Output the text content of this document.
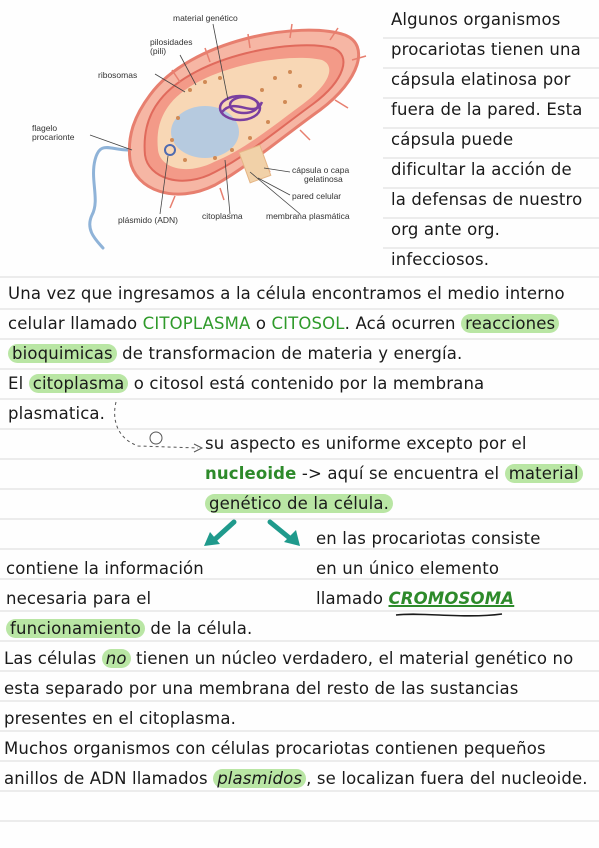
material genético
pilosidades
(pili)
ribosomas
flagelo
procarionte
cápsula o capa
gelatinosa
pared celular
plásmido (ADN)	citoplasma	membrana plasmática
Algunos organismos
procariotas tienen una
cápsula elatinosa por
fuera de la pared. Esta
cápsula puede
dificultar la acción de
la defensas de nuestro
org ante org.
infecciosos.
Una vez que ingresamos a la célula encontramos el medio interno
celular llamado CITOPLASMA o CITOSOL. Acá ocurren reacciones
bioquimicas de transformacion de materia y energía.
El citoplasma o citosol está contenido por la membrana
plasmatica.
su aspecto es uniforme excepto por el
nucleoide -> aquí se encuentra el material
genético de la célula.
en las procariotas consiste
en un único elemento
llamado CROMOSOMA
contiene la información
necesaria para el
funcionamiento de la célula.
Las células no tienen un núcleo verdadero, el material genético no
esta separado por una membrana del resto de las sustancias
presentes en el citoplasma.
Muchos organismos con células procariotas contienen pequeños
anillos de ADN llamados plasmidos , se localizan fuera del nucleoide.
